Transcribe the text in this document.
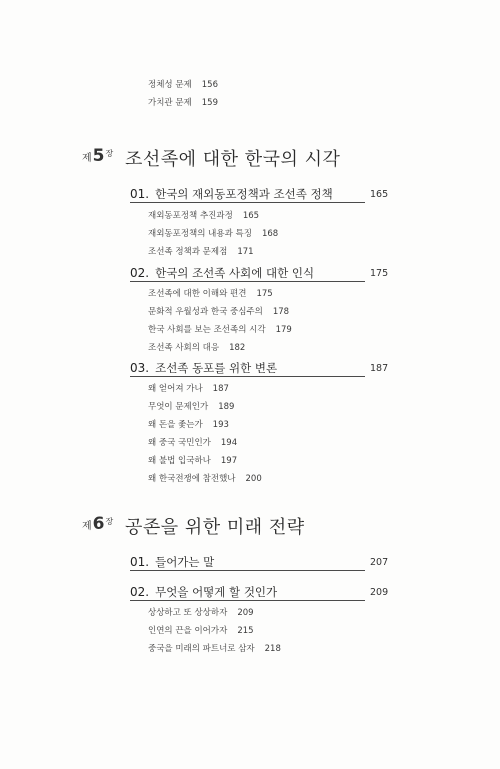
정체성 문제 156
가치관 문제 159
제$5^장$ 조선족에 대한 한국의 시각
01. 한국의 재외동포정책과 조선족 정책	165
재외동포정책 추진과정 165
재외동포정책의 내용과 특징 168
조선족 정책과 문제점 171
02. 한국의 조선족 사회에 대한 인식	175
조선족에 대한 이해와 편견 175
문화적 우월성과 한국 중심주의 178
한국 사회를 보는 조선족의 시각 179
조선족 사회의 대응 182
03. 조선족 동포를 위한 변론	187
왜 얻어져 가나 187
무엇이 문제인가 189
왜 돈을 좇는가 193
왜 중국 국민인가 194
왜 불법 입국하나 197
왜 한국전쟁에 참전했나 200
제$6^장$ 공존을 위한 미래 전략
01. 들어가는 말	207
02. 무엇을 어떻게 할 것인가	209
상상하고 또 상상하자 209
인연의 끈을 이어가자 215
중국을 미래의 파트너로 삼자 218
